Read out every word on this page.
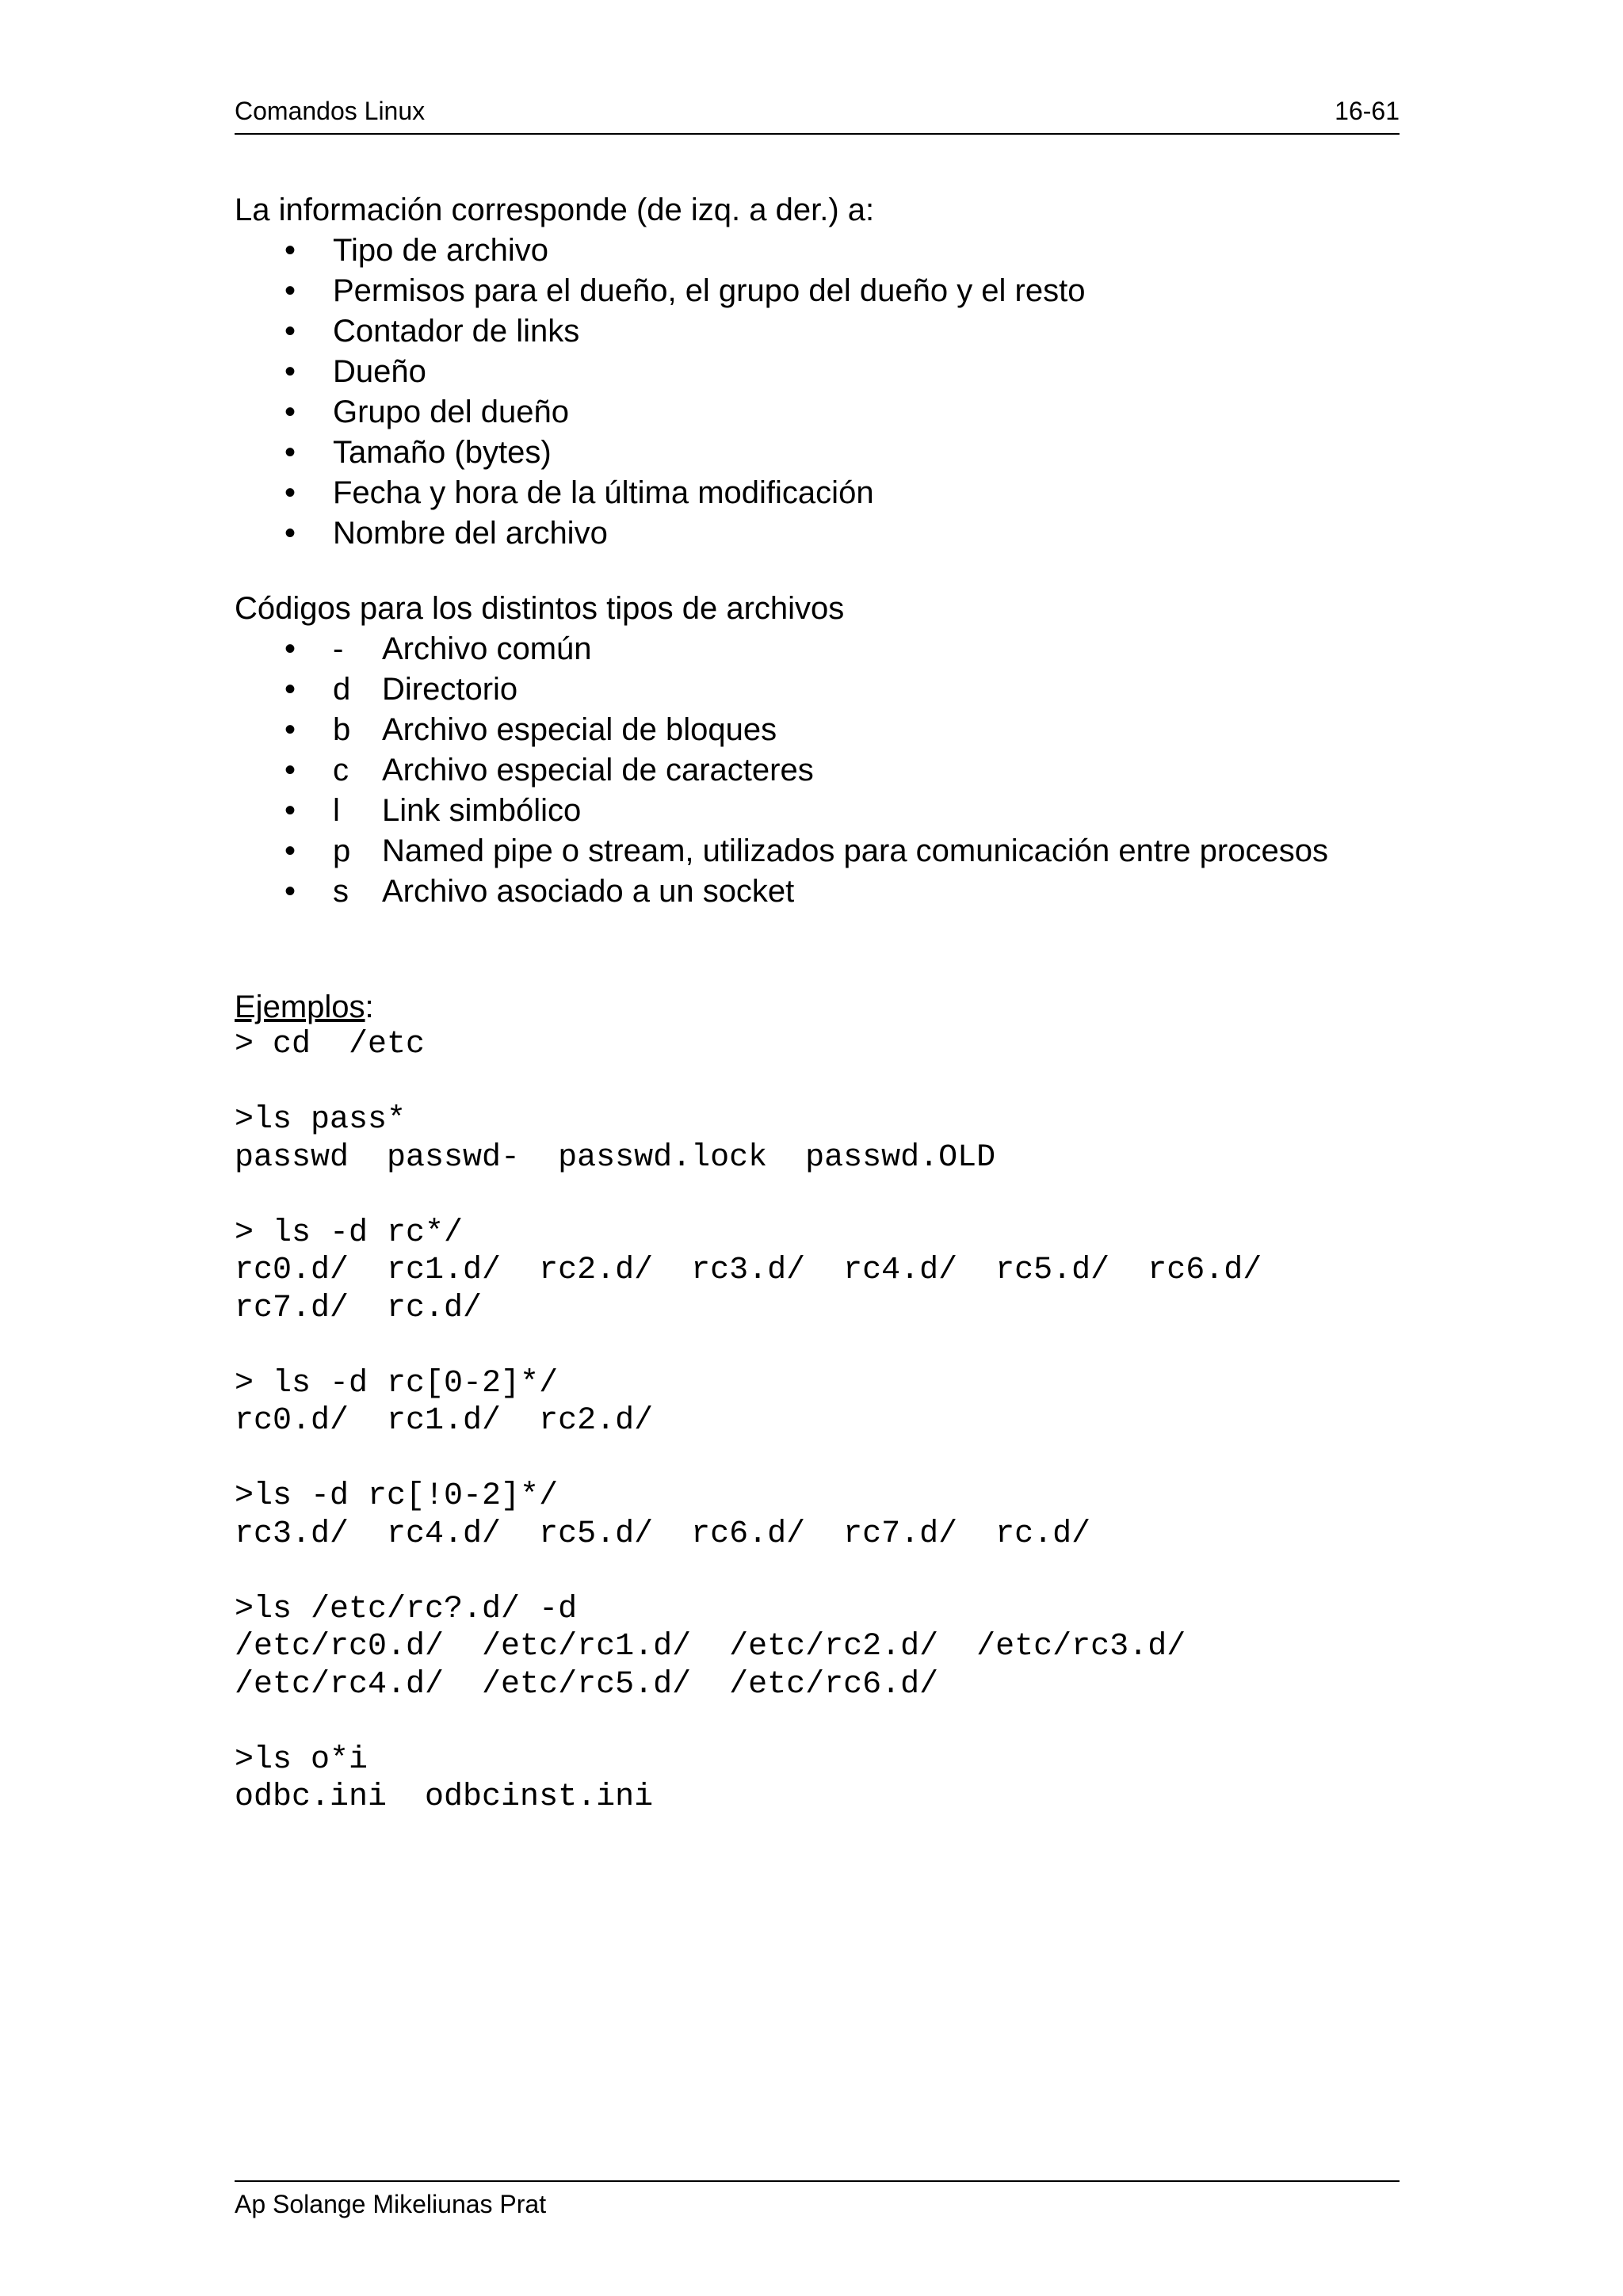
Comandos Linux	16-61

La información corresponde (de izq. a der.) a:

• Tipo de archivo
• Permisos para el dueño, el grupo del dueño y el resto
• Contador de links
• Dueño
• Grupo del dueño
• Tamaño (bytes)
• Fecha y hora de la última modificación
• Nombre del archivo

Códigos para los distintos tipos de archivos

• - Archivo común
• d Directorio
• b Archivo especial de bloques
• c Archivo especial de caracteres
• l Link simbólico
• p Named pipe o stream, utilizados para comunicación entre procesos
• s Archivo asociado a un socket

Ejemplos:

> cd  /etc
>ls pass*
passwd  passwd-  passwd.lock  passwd.OLD
> ls -d rc*/
rc0.d/  rc1.d/  rc2.d/  rc3.d/  rc4.d/  rc5.d/  rc6.d/
rc7.d/  rc.d/
> ls -d rc[0-2]*/
rc0.d/  rc1.d/  rc2.d/
>ls -d rc[!0-2]*/
rc3.d/  rc4.d/  rc5.d/  rc6.d/  rc7.d/  rc.d/
>ls /etc/rc?.d/ -d
/etc/rc0.d/  /etc/rc1.d/  /etc/rc2.d/  /etc/rc3.d/
/etc/rc4.d/  /etc/rc5.d/  /etc/rc6.d/
>ls o*i
odbc.ini  odbcinst.ini
Ap Solange Mikeliunas Prat
